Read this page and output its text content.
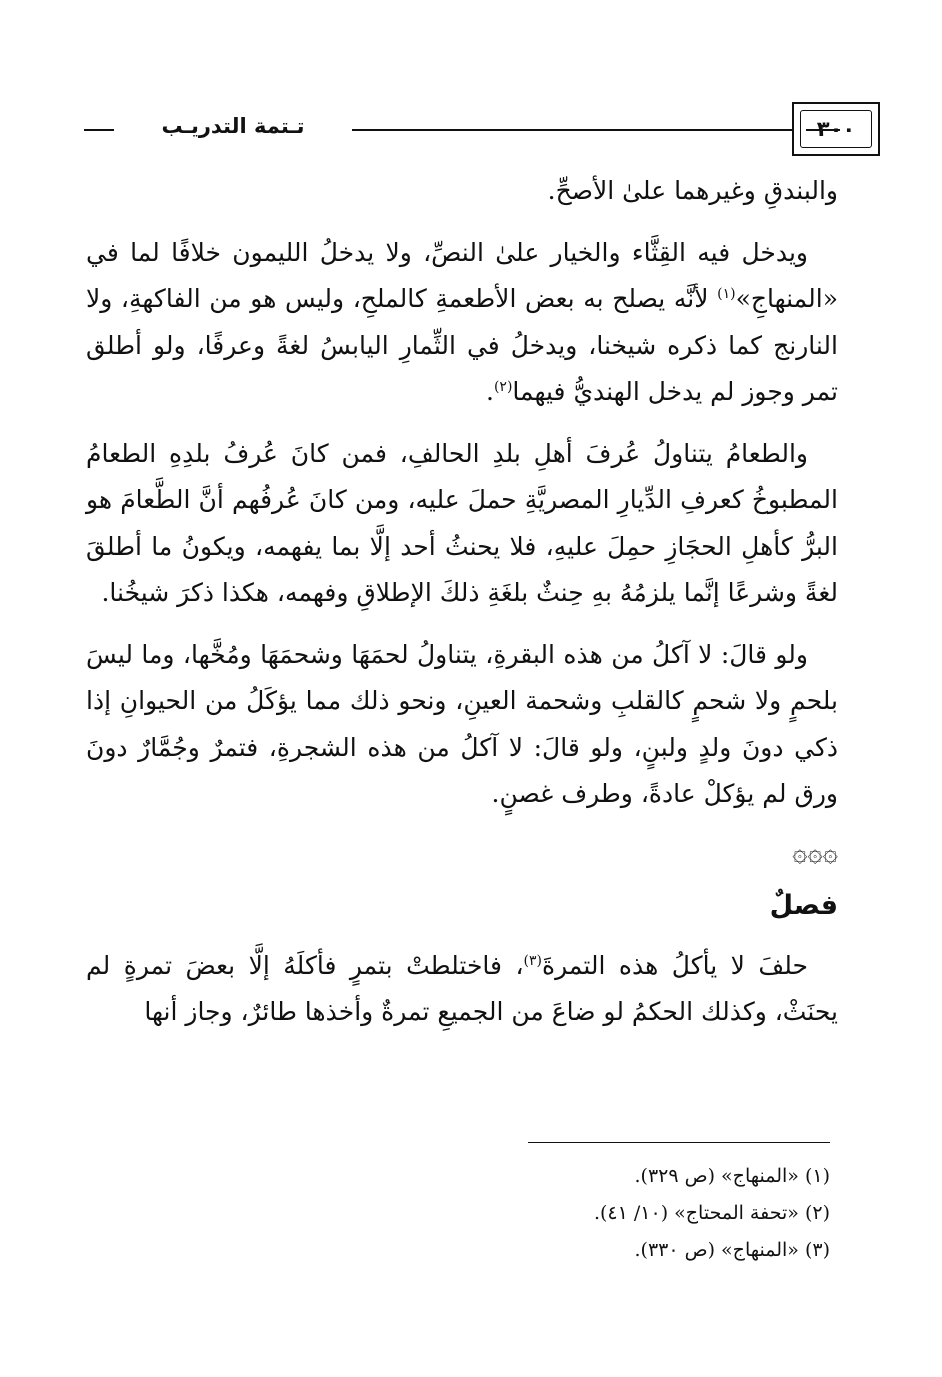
٣٠٠
تـتمة التدريـب

والبندقِ وغيرهما علىٰ الأصحِّ.

ويدخل فيه القِثَّاء والخيار علىٰ النصِّ، ولا يدخلُ الليمون خلافًا لما في «المنهاجِ»$^{(١)}$ لأنَّه يصلح به بعض الأطعمةِ كالملحِ، وليس هو من الفاكهةِ، ولا النارنج كما ذكره شيخنا، ويدخلُ في الثِّمارِ اليابسُ لغةً وعرفًا، ولو أطلق تمر وجوز لم يدخل الهنديُّ فيهما$^{(٢)}$.

والطعامُ يتناولُ عُرفَ أهلِ بلدِ الحالفِ، فمن كانَ عُرفُ بلدِهِ الطعامُ المطبوخُ كعرفِ الدِّيارِ المصريَّةِ حملَ عليه، ومن كانَ عُرفُهم أنَّ الطَّعامَ هو البرُّ كأهلِ الحجَازِ حمِلَ عليهِ، فلا يحنثُ أحد إلَّا بما يفهمه، ويكونُ ما أطلقَ لغةً وشرعًا إنَّما يلزمُهُ بهِ حِنثٌ بلغَةِ ذلكَ الإطلاقِ وفهمه، هكذا ذكرَ شيخُنا.

ولو قالَ: لا آكلُ من هذه البقرةِ، يتناولُ لحمَهَا وشحمَهَا ومُخَّها، وما ليسَ بلحمٍ ولا شحمٍ كالقلبِ وشحمة العينِ، ونحو ذلك مما يؤكَلُ من الحيوانِ إذا ذكي دونَ ولدٍ ولبنٍ، ولو قالَ: لا آكلُ من هذه الشجرةِ، فتمرٌ وجُمَّارٌ دونَ ورق لم يؤكلْ عادةً، وطرف غصنٍ.

۞۞۞
فصلٌ

حلفَ لا يأكلُ هذه التمرةَ$^{(٣)}$، فاختلطتْ بتمرٍ فأكلَهُ إلَّا بعضَ تمرةٍ لم يحنَثْ، وكذلك الحكمُ لو ضاعَ من الجميعِ تمرةٌ وأخذها طائرٌ، وجاز أنها

(١) «المنهاج» (ص ٣٢٩).
(٢) «تحفة المحتاج» (١٠/ ٤١).
(٣) «المنهاج» (ص ٣٣٠).
